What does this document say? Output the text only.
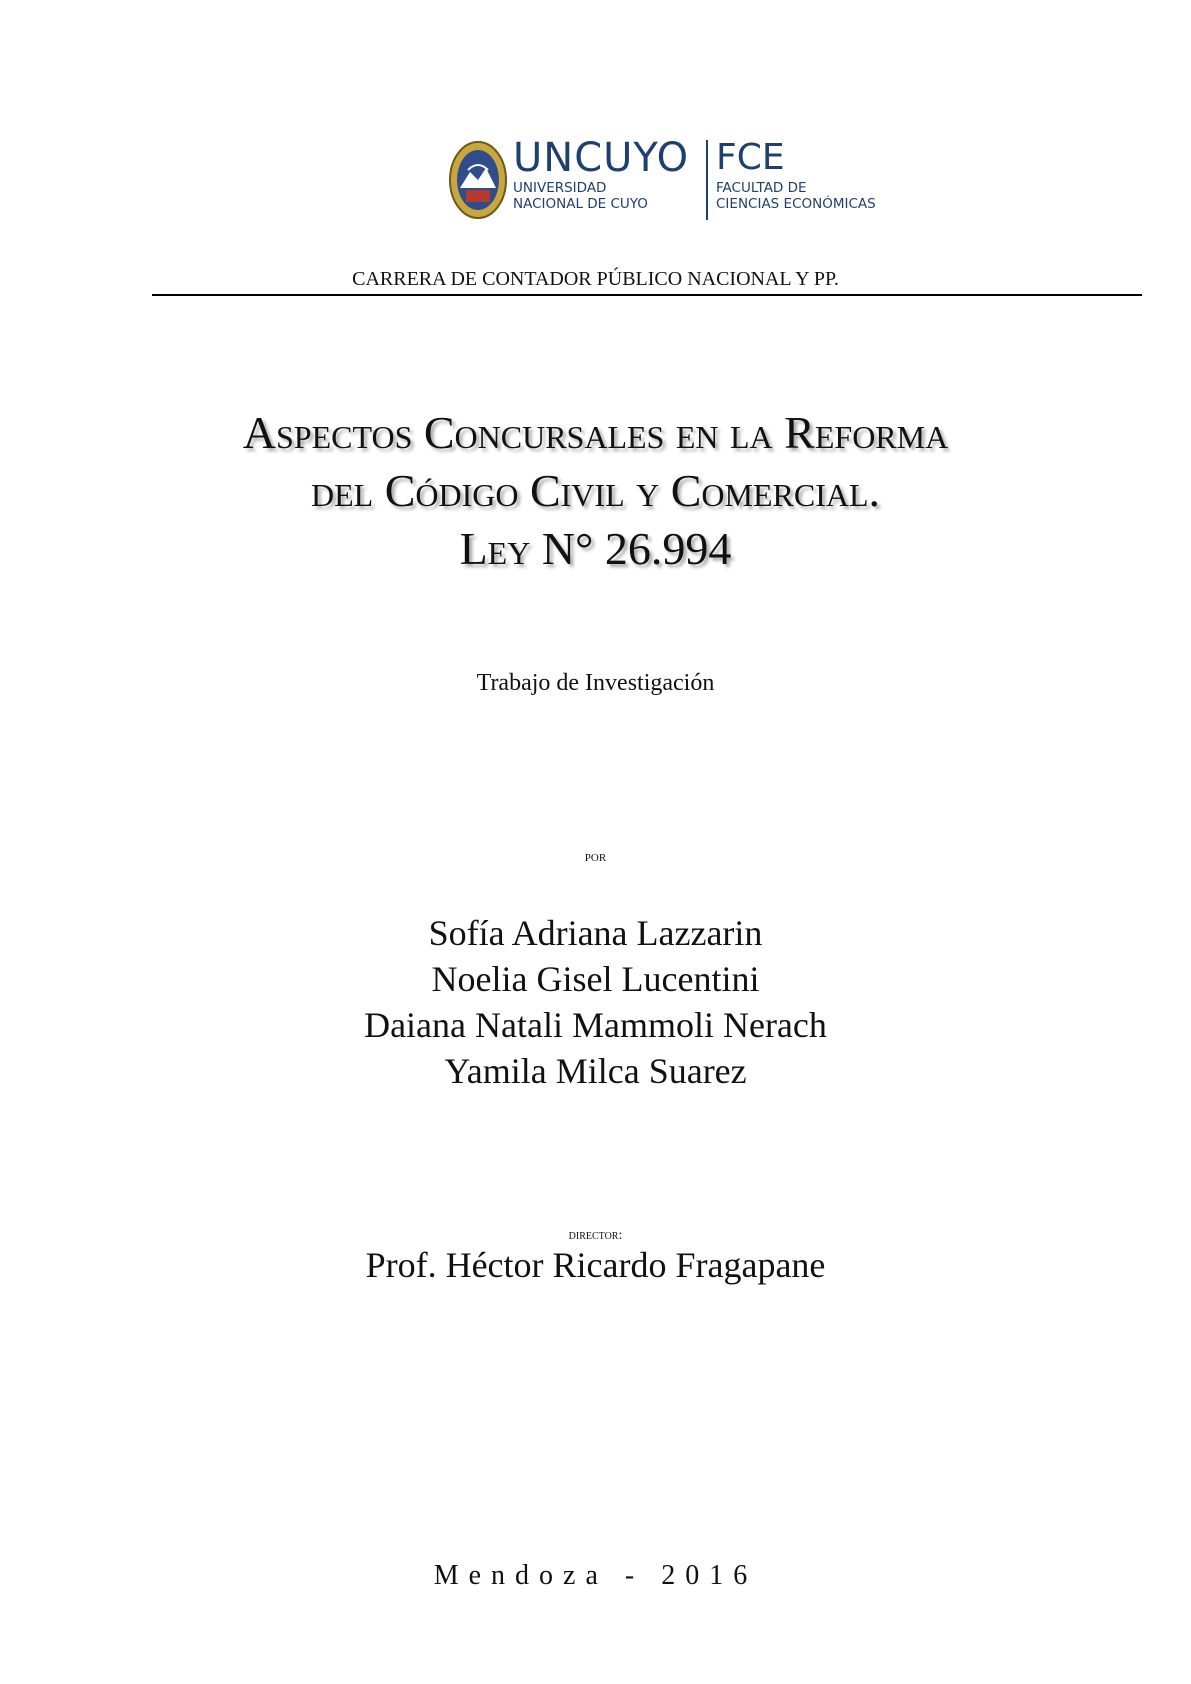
UNCUYO
UNIVERSIDAD
NACIONAL DE CUYO
FCE
FACULTAD DE
CIENCIAS ECONÓMICAS
CARRERA DE CONTADOR PÚBLICO NACIONAL Y PP.
Aspectos Concursales en la Reforma
del Código Civil y Comercial.
Ley N° 26.994
Trabajo de Investigación
por
Sofía Adriana Lazzarin
Noelia Gisel Lucentini
Daiana Natali Mammoli Nerach
Yamila Milca Suarez
director:
Prof. Héctor Ricardo Fragapane
Mendoza - 2016
